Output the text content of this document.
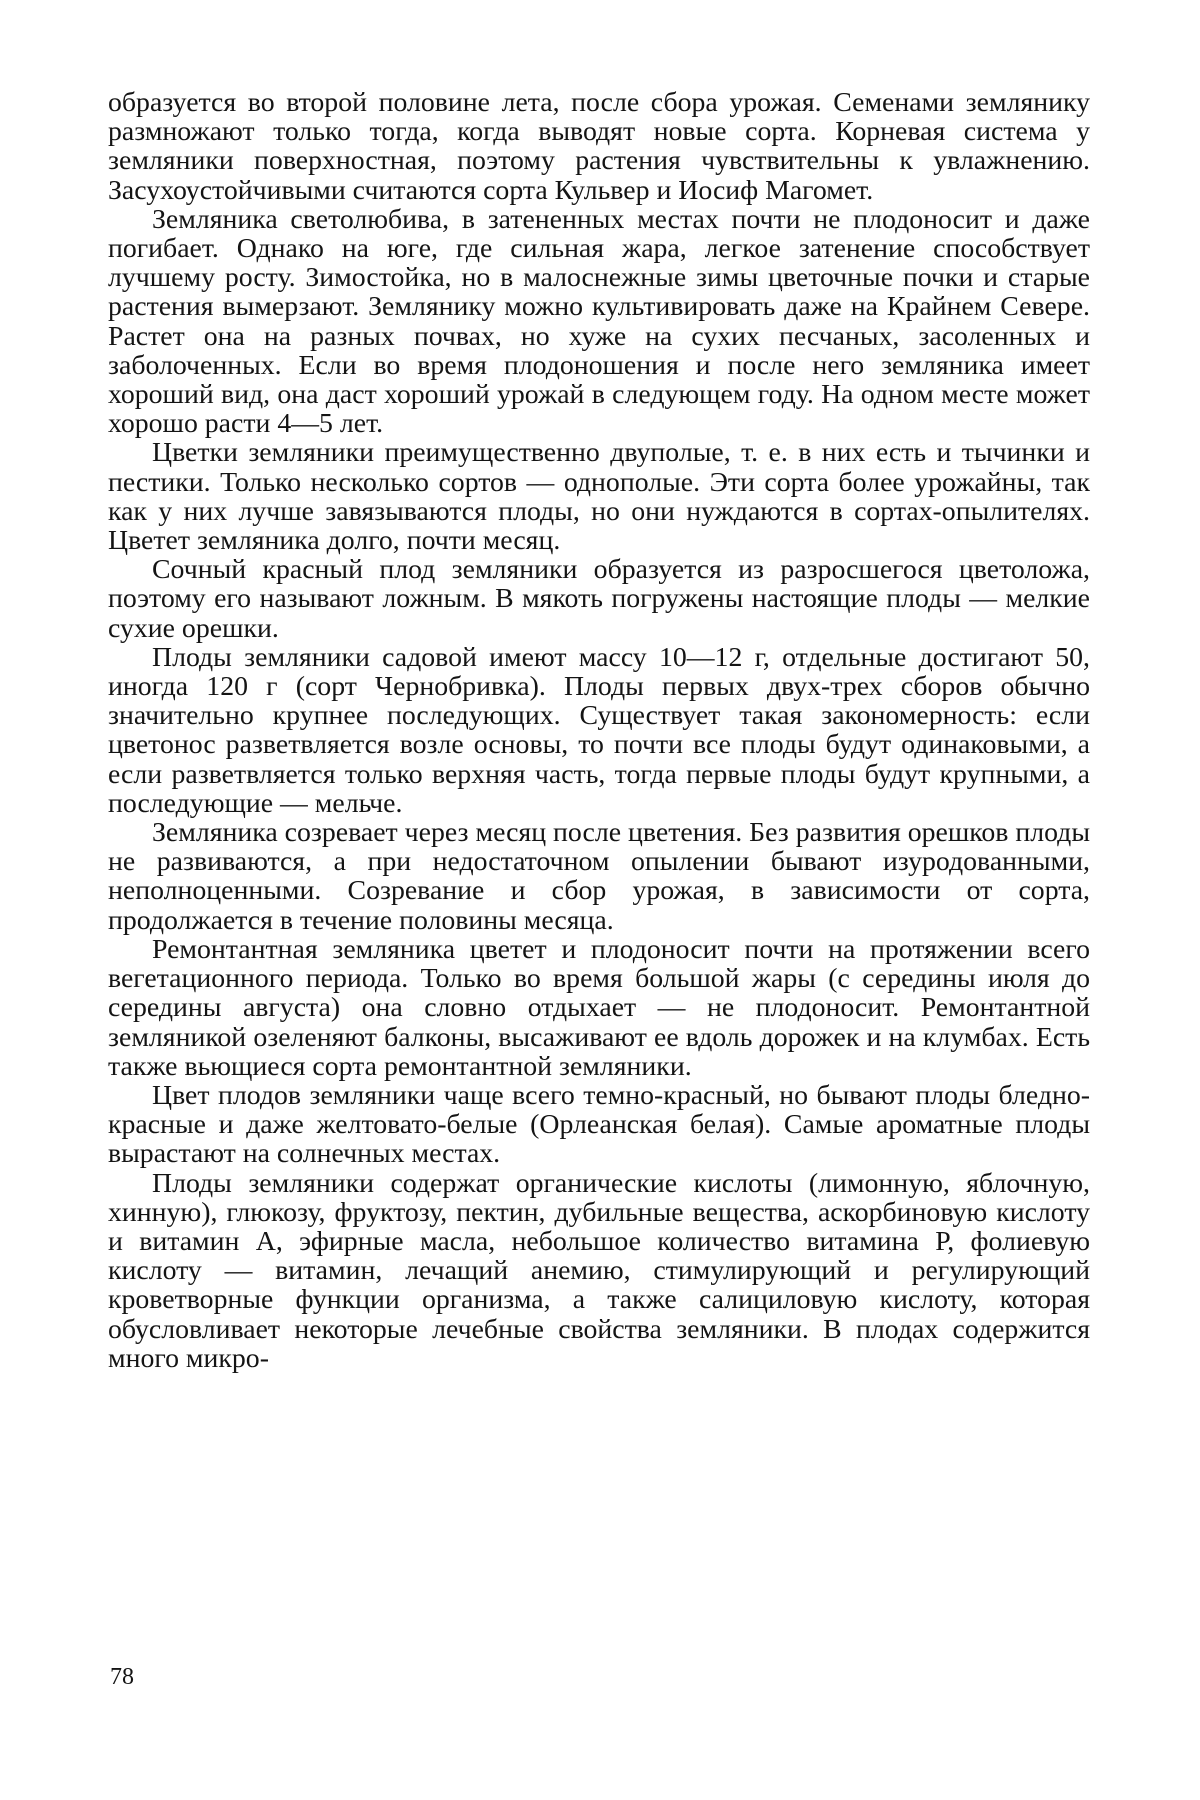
образуется во второй половине лета, после сбора урожая. Семенами землянику размножают только тогда, когда выводят новые сорта. Корневая система у земляники поверхностная, поэтому растения чувствительны к увлажнению. Засухоустойчивыми считаются сорта Кульвер и Иосиф Магомет.

Земляника светолюбива, в затененных местах почти не плодоносит и даже погибает. Однако на юге, где сильная жара, легкое затенение способствует лучшему росту. Зимостойка, но в малоснежные зимы цветочные почки и старые растения вымерзают. Землянику можно культивировать даже на Крайнем Севере. Растет она на разных почвах, но хуже на сухих песчаных, засоленных и заболоченных. Если во время плодоношения и после него земляника имеет хороший вид, она даст хороший урожай в следующем году. На одном месте может хорошо расти 4—5 лет.

Цветки земляники преимущественно двуполые, т. е. в них есть и тычинки и пестики. Только несколько сортов — однополые. Эти сорта более урожайны, так как у них лучше завязываются плоды, но они нуждаются в сортах-опылителях. Цветет земляника долго, почти месяц.

Сочный красный плод земляники образуется из разросшегося цветоложа, поэтому его называют ложным. В мякоть погружены настоящие плоды — мелкие сухие орешки.

Плоды земляники садовой имеют массу 10—12 г, отдельные достигают 50, иногда 120 г (сорт Чернобривка). Плоды первых двух-трех сборов обычно значительно крупнее последующих. Существует такая закономерность: если цветонос разветвляется возле основы, то почти все плоды будут одинаковыми, а если разветвляется только верхняя часть, тогда первые плоды будут крупными, а последующие — мельче.

Земляника созревает через месяц после цветения. Без развития орешков плоды не развиваются, а при недостаточном опылении бывают изуродованными, неполноценными. Созревание и сбор урожая, в зависимости от сорта, продолжается в течение половины месяца.

Ремонтантная земляника цветет и плодоносит почти на протяжении всего вегетационного периода. Только во время большой жары (с середины июля до середины августа) она словно отдыхает — не плодоносит. Ремонтантной земляникой озеленяют балконы, высаживают ее вдоль дорожек и на клумбах. Есть также вьющиеся сорта ремонтантной земляники.

Цвет плодов земляники чаще всего темно-красный, но бывают плоды бледно-красные и даже желтовато-белые (Орлеанская белая). Самые ароматные плоды вырастают на солнечных местах.

Плоды земляники содержат органические кислоты (лимонную, яблочную, хинную), глюкозу, фруктозу, пектин, дубильные вещества, аскорбиновую кислоту и витамин А, эфирные масла, небольшое количество витамина Р, фолиевую кислоту — витамин, лечащий анемию, стимулирующий и регулирующий кроветворные функции организма, а также салициловую кислоту, которая обусловливает некоторые лечебные свойства земляники. В плодах содержится много микро-

78
